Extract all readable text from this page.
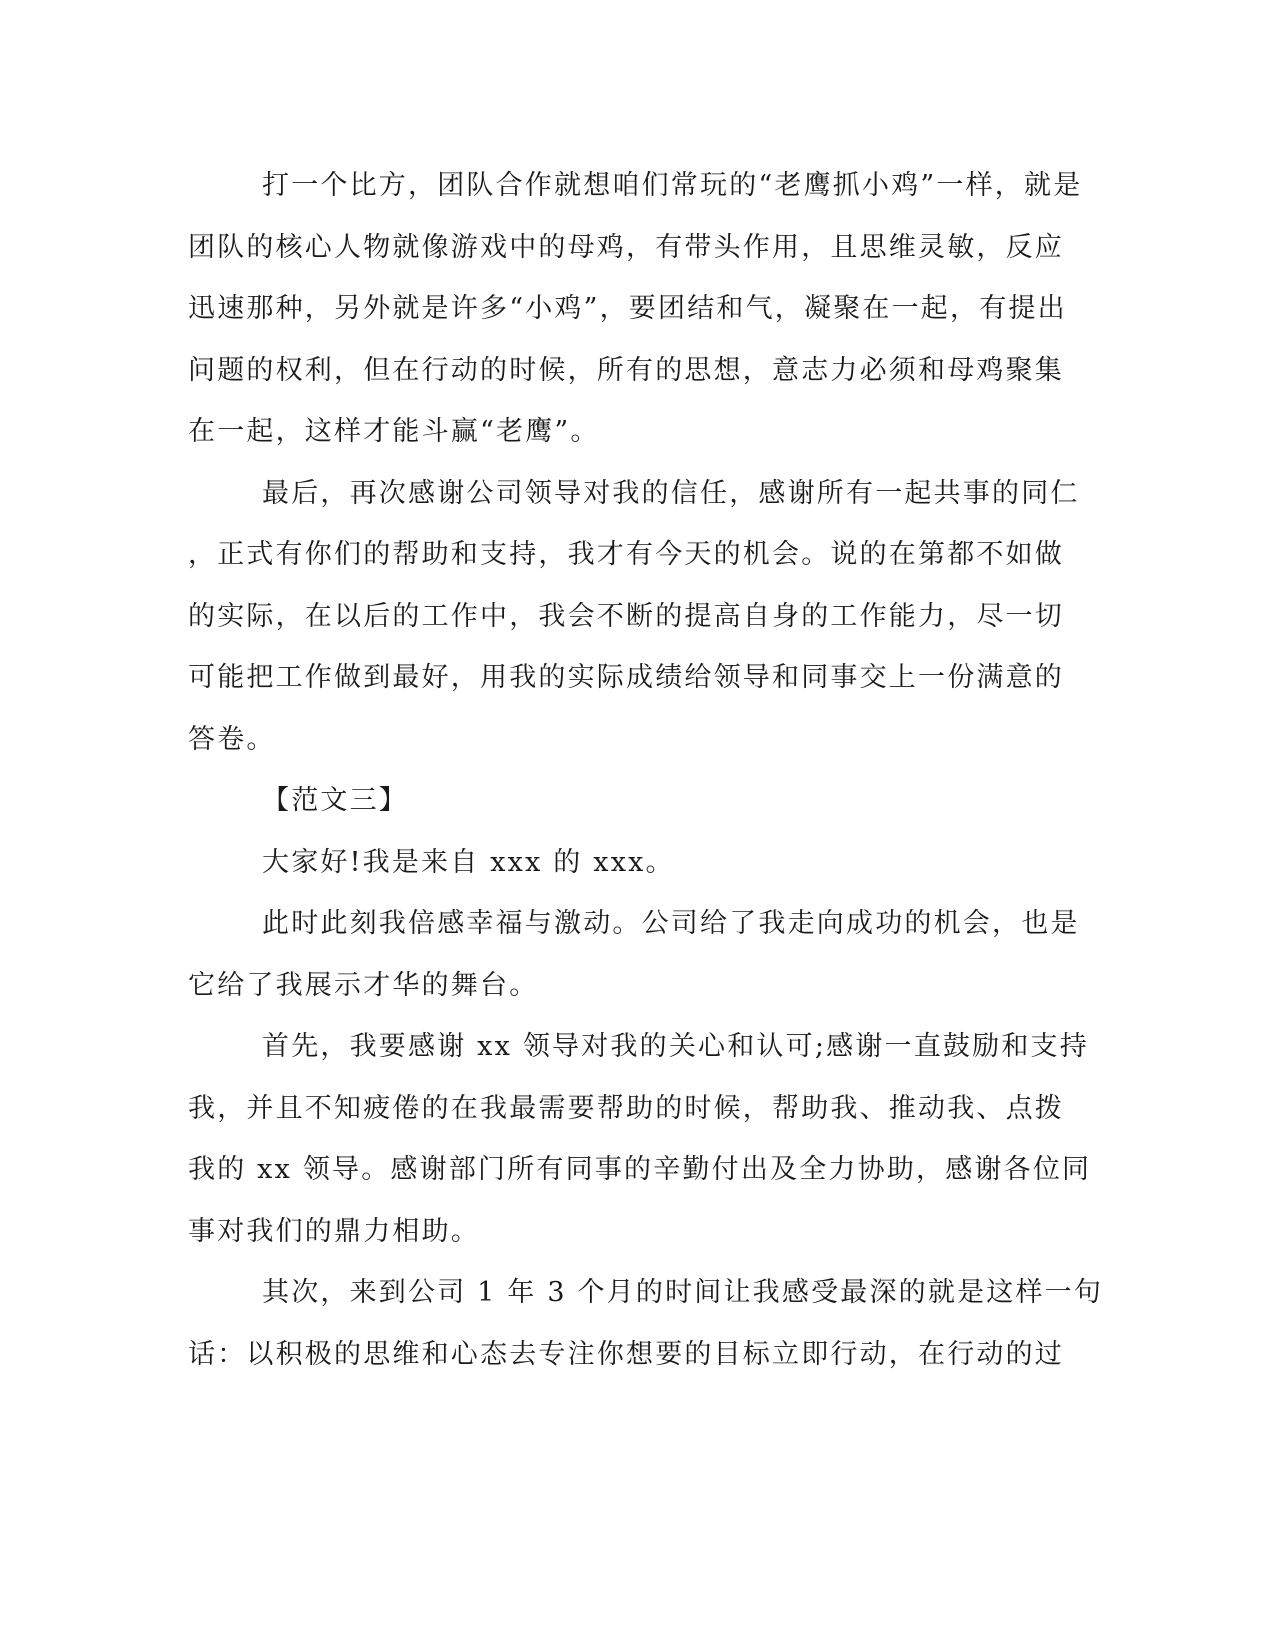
打一个比方，团队合作就想咱们常玩的“老鹰抓小鸡”一样，就是
团队的核心人物就像游戏中的母鸡，有带头作用，且思维灵敏，反应
迅速那种，另外就是许多“小鸡”，要团结和气，凝聚在一起，有提出
问题的权利，但在行动的时候，所有的思想，意志力必须和母鸡聚集
在一起，这样才能斗赢“老鹰”。
最后，再次感谢公司领导对我的信任，感谢所有一起共事的同仁
，正式有你们的帮助和支持，我才有今天的机会。说的在第都不如做
的实际，在以后的工作中，我会不断的提高自身的工作能力，尽一切
可能把工作做到最好，用我的实际成绩给领导和同事交上一份满意的
答卷。
【范文三】
大家好!我是来自 xxx 的 xxx。
此时此刻我倍感幸福与激动。公司给了我走向成功的机会，也是
它给了我展示才华的舞台。
首先，我要感谢 xx 领导对我的关心和认可;感谢一直鼓励和支持
我，并且不知疲倦的在我最需要帮助的时候，帮助我、推动我、点拨
我的 xx 领导。感谢部门所有同事的辛勤付出及全力协助，感谢各位同
事对我们的鼎力相助。
其次，来到公司 1 年 3 个月的时间让我感受最深的就是这样一句
话：以积极的思维和心态去专注你想要的目标立即行动，在行动的过
